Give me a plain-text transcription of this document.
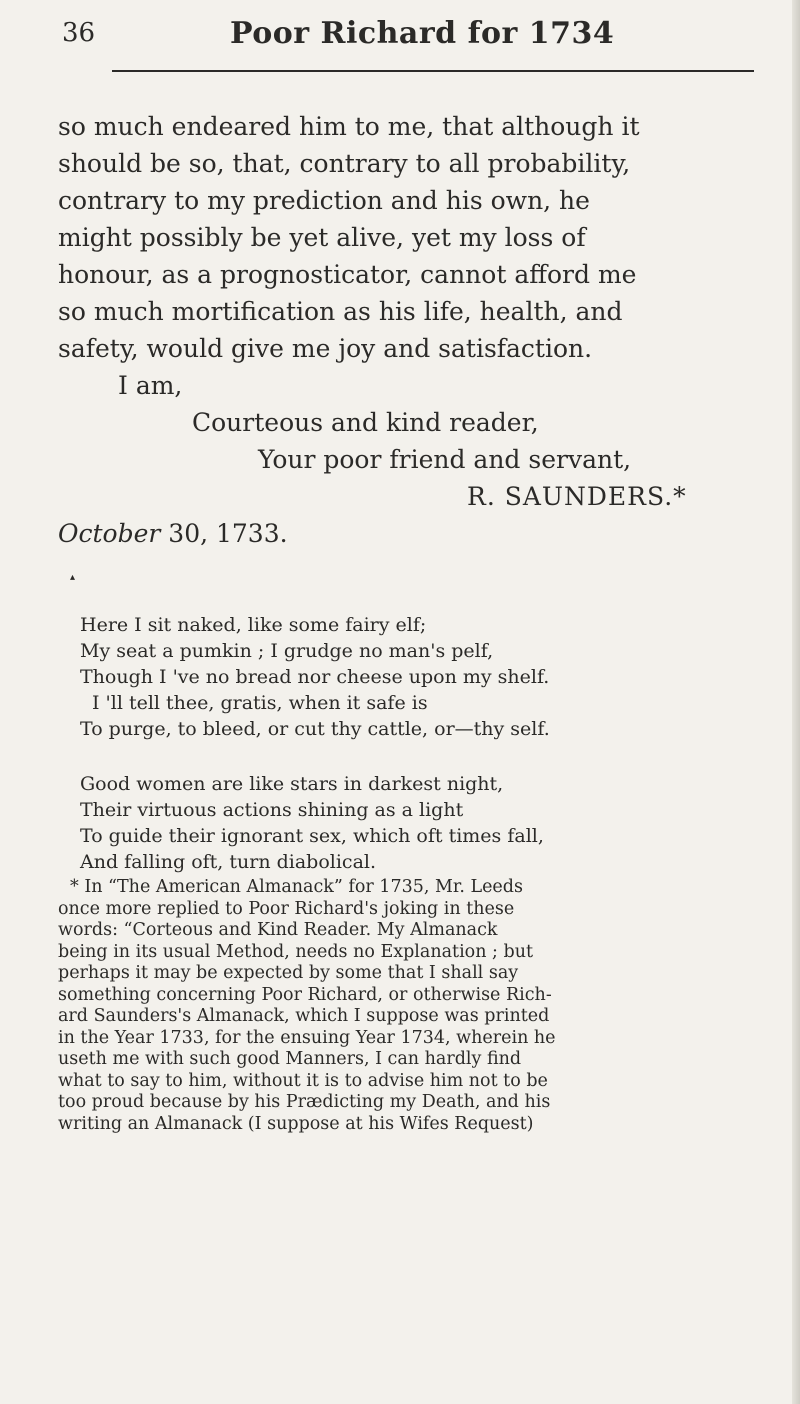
36	Poor Richard for 1734

so much endeared him to me, that although it

should be so, that, contrary to all probability,

contrary to my prediction and his own, he

might possibly be yet alive, yet my loss of

honour, as a prognosticator, cannot afford me

so much mortification as his life, health, and

safety, would give me joy and satisfaction.

I am,

Courteous and kind reader,

Your poor friend and servant,

R. SAUNDERS.*

October 30, 1733.

▴

Here I sit naked, like some fairy elf;

My seat a pumkin ; I grudge no man's pelf,

Though I 've no bread nor cheese upon my shelf.

I 'll tell thee, gratis, when it safe is

To purge, to bleed, or cut thy cattle, or—thy self.

Good women are like stars in darkest night,

Their virtuous actions shining as a light

To guide their ignorant sex, which oft times fall,

And falling oft, turn diabolical.

* In “The American Almanack” for 1735, Mr. Leeds

once more replied to Poor Richard's joking in these

words: “Corteous and Kind Reader. My Almanack

being in its usual Method, needs no Explanation ; but

perhaps it may be expected by some that I shall say

something concerning Poor Richard, or otherwise Rich-

ard Saunders's Almanack, which I suppose was printed

in the Year 1733, for the ensuing Year 1734, wherein he

useth me with such good Manners, I can hardly find

what to say to him, without it is to advise him not to be

too proud because by his Prædicting my Death, and his

writing an Almanack (I suppose at his Wifes Request)
